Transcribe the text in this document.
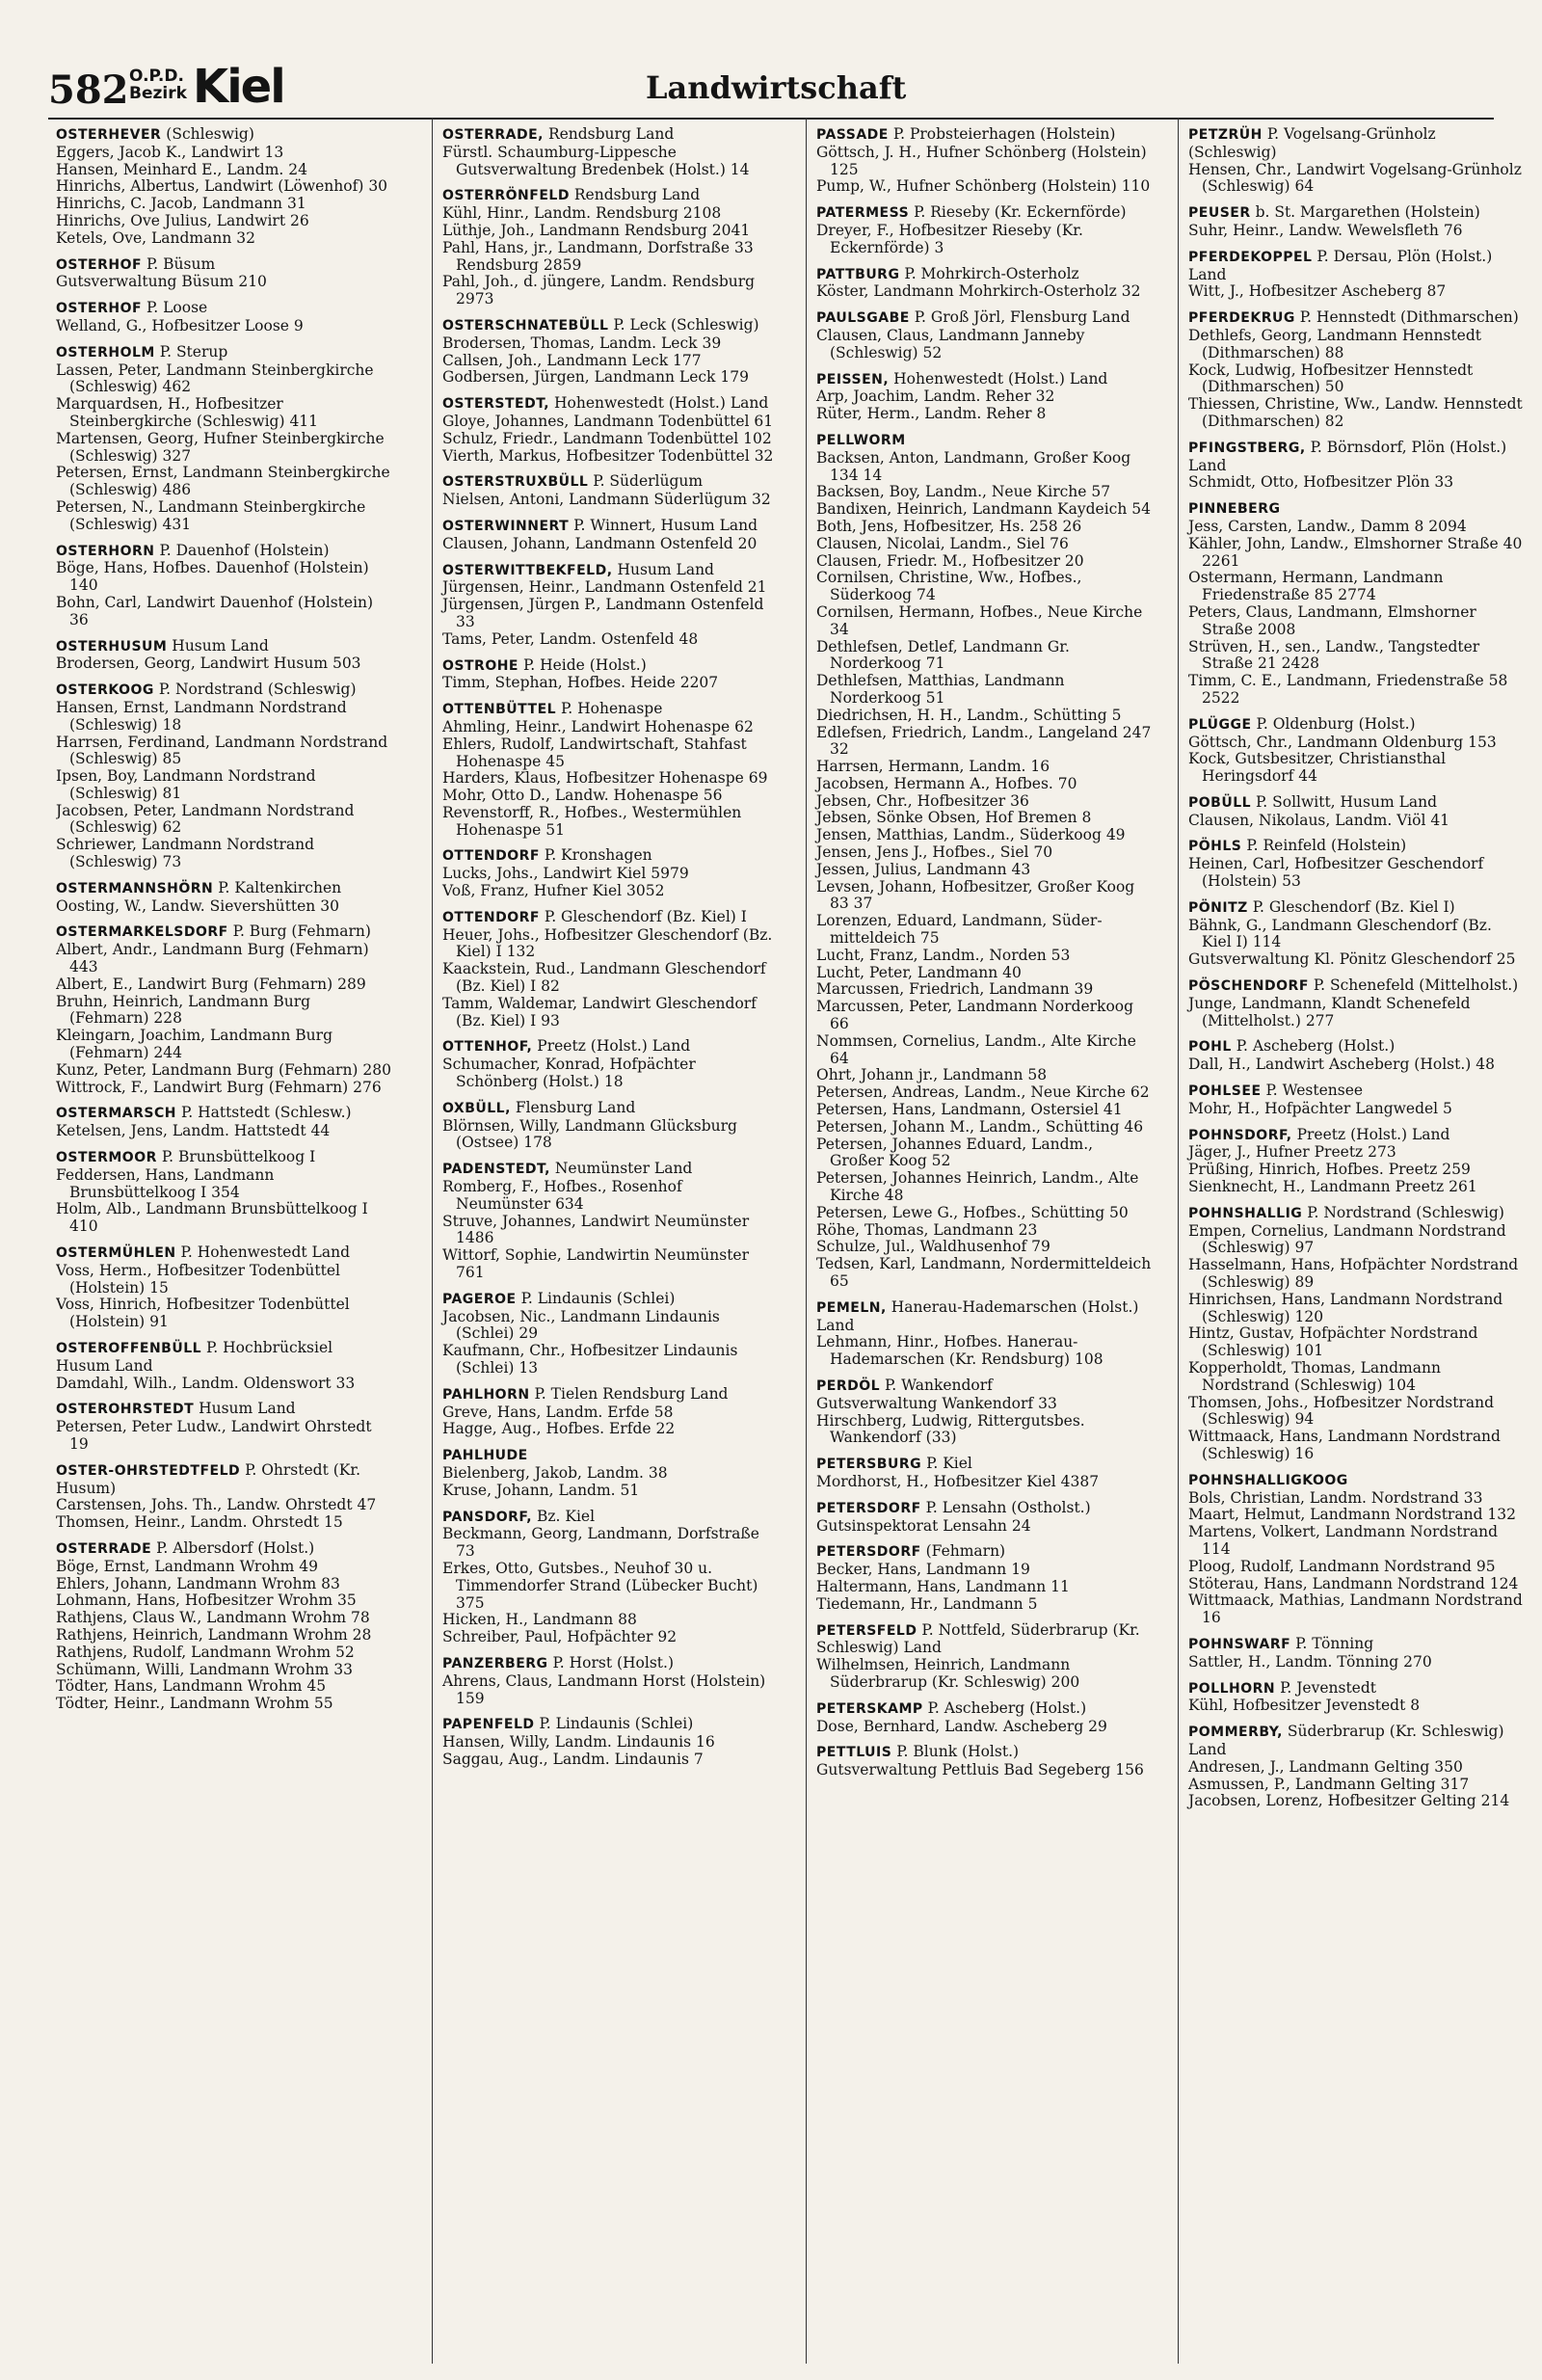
582 O.P.D.
Bezirk Kiel	Landwirtschaft
OSTERHEVER (Schleswig)
Eggers, Jacob K., Landwirt 13
Hansen, Meinhard E., Landm. 24
Hinrichs, Albertus, Landwirt (Löwenhof) 30
Hinrichs, C. Jacob, Landmann 31
Hinrichs, Ove Julius, Landwirt 26
Ketels, Ove, Landmann 32
OSTERHOF P. Büsum
Gutsverwaltung Büsum 210
OSTERHOF P. Loose
Welland, G., Hofbesitzer Loose 9
OSTERHOLM P. Sterup
Lassen, Peter, Landmann Steinbergkirche (Schleswig) 462
Marquardsen, H., Hofbesitzer Steinbergkirche (Schleswig) 411
Martensen, Georg, Hufner Steinbergkirche (Schleswig) 327
Petersen, Ernst, Landmann Steinbergkirche (Schleswig) 486
Petersen, N., Landmann Steinbergkirche (Schleswig) 431
OSTERHORN P. Dauenhof (Holstein)
Böge, Hans, Hofbes. Dauenhof (Holstein) 140
Bohn, Carl, Landwirt Dauenhof (Holstein) 36
OSTERHUSUM Husum Land
Brodersen, Georg, Landwirt Husum 503
OSTERKOOG P. Nordstrand (Schleswig)
Hansen, Ernst, Landmann Nordstrand (Schleswig) 18
Harrsen, Ferdinand, Landmann Nordstrand (Schleswig) 85
Ipsen, Boy, Landmann Nordstrand (Schleswig) 81
Jacobsen, Peter, Landmann Nordstrand (Schleswig) 62
Schriewer, Landmann Nordstrand (Schleswig) 73
OSTERMANNSHÖRN P. Kaltenkirchen
Oosting, W., Landw. Sievershütten 30
OSTERMARKELSDORF P. Burg (Fehmarn)
Albert, Andr., Landmann Burg (Fehmarn) 443
Albert, E., Landwirt Burg (Fehmarn) 289
Bruhn, Heinrich, Landmann Burg (Fehmarn) 228
Kleingarn, Joachim, Landmann Burg (Fehmarn) 244
Kunz, Peter, Landmann Burg (Fehmarn) 280
Wittrock, F., Landwirt Burg (Fehmarn) 276
OSTERMARSCH P. Hattstedt (Schlesw.)
Ketelsen, Jens, Landm. Hattstedt 44
OSTERMOOR P. Brunsbüttelkoog I
Feddersen, Hans, Landmann Brunsbüttelkoog I 354
Holm, Alb., Landmann Brunsbüttelkoog I 410
OSTERMÜHLEN P. Hohenwestedt Land
Voss, Herm., Hofbesitzer Todenbüttel (Holstein) 15
Voss, Hinrich, Hofbesitzer Todenbüttel (Holstein) 91
OSTEROFFENBÜLL P. Hochbrücksiel Husum Land
Damdahl, Wilh., Landm. Oldenswort 33
OSTEROHRSTEDT Husum Land
Petersen, Peter Ludw., Landwirt Ohrstedt 19
OSTER-OHRSTEDTFELD P. Ohrstedt (Kr. Husum)
Carstensen, Johs. Th., Landw. Ohrstedt 47
Thomsen, Heinr., Landm. Ohrstedt 15
OSTERRADE P. Albersdorf (Holst.)
Böge, Ernst, Landmann Wrohm 49
Ehlers, Johann, Landmann Wrohm 83
Lohmann, Hans, Hofbesitzer Wrohm 35
Rathjens, Claus W., Landmann Wrohm 78
Rathjens, Heinrich, Landmann Wrohm 28
Rathjens, Rudolf, Landmann Wrohm 52
Schümann, Willi, Landmann Wrohm 33
Tödter, Hans, Landmann Wrohm 45
Tödter, Heinr., Landmann Wrohm 55
OSTERRADE, Rendsburg Land
Fürstl. Schaumburg-Lippesche Gutsverwaltung Bredenbek (Holst.) 14
OSTERRÖNFELD Rendsburg Land
Kühl, Hinr., Landm. Rendsburg 2108
Lüthje, Joh., Landmann Rendsburg 2041
Pahl, Hans, jr., Landmann, Dorfstraße 33 Rendsburg 2859
Pahl, Joh., d. jüngere, Landm. Rendsburg 2973
OSTERSCHNATEBÜLL P. Leck (Schleswig)
Brodersen, Thomas, Landm. Leck 39
Callsen, Joh., Landmann Leck 177
Godbersen, Jürgen, Landmann Leck 179
OSTERSTEDT, Hohenwestedt (Holst.) Land
Gloye, Johannes, Landmann Todenbüttel 61
Schulz, Friedr., Landmann Todenbüttel 102
Vierth, Markus, Hofbesitzer Todenbüttel 32
OSTERSTRUXBÜLL P. Süderlügum
Nielsen, Antoni, Landmann Süderlügum 32
OSTERWINNERT P. Winnert, Husum Land
Clausen, Johann, Landmann Ostenfeld 20
OSTERWITTBEKFELD, Husum Land
Jürgensen, Heinr., Landmann Ostenfeld 21
Jürgensen, Jürgen P., Landmann Ostenfeld 33
Tams, Peter, Landm. Ostenfeld 48
OSTROHE P. Heide (Holst.)
Timm, Stephan, Hofbes. Heide 2207
OTTENBÜTTEL P. Hohenaspe
Ahmling, Heinr., Landwirt Hohenaspe 62
Ehlers, Rudolf, Landwirtschaft, Stahfast Hohenaspe 45
Harders, Klaus, Hofbesitzer Hohenaspe 69
Mohr, Otto D., Landw. Hohenaspe 56
Revenstorff, R., Hofbes., Westermühlen Hohenaspe 51
OTTENDORF P. Kronshagen
Lucks, Johs., Landwirt Kiel 5979
Voß, Franz, Hufner Kiel 3052
OTTENDORF P. Gleschendorf (Bz. Kiel) I
Heuer, Johs., Hofbesitzer Gleschendorf (Bz. Kiel) I 132
Kaackstein, Rud., Landmann Gleschendorf (Bz. Kiel) I 82
Tamm, Waldemar, Landwirt Gleschendorf (Bz. Kiel) I 93
OTTENHOF, Preetz (Holst.) Land
Schumacher, Konrad, Hofpächter Schönberg (Holst.) 18
OXBÜLL, Flensburg Land
Blörnsen, Willy, Landmann Glücksburg (Ostsee) 178
PADENSTEDT, Neumünster Land
Romberg, F., Hofbes., Rosenhof Neumünster 634
Struve, Johannes, Landwirt Neumünster 1486
Wittorf, Sophie, Landwirtin Neumünster 761
PAGEROE P. Lindaunis (Schlei)
Jacobsen, Nic., Landmann Lindaunis (Schlei) 29
Kaufmann, Chr., Hofbesitzer Lindaunis (Schlei) 13
PAHLHORN P. Tielen Rendsburg Land
Greve, Hans, Landm. Erfde 58
Hagge, Aug., Hofbes. Erfde 22
PAHLHUDE
Bielenberg, Jakob, Landm. 38
Kruse, Johann, Landm. 51
PANSDORF, Bz. Kiel
Beckmann, Georg, Landmann, Dorfstraße 73
Erkes, Otto, Gutsbes., Neuhof 30 u. Timmendorfer Strand (Lübecker Bucht) 375
Hicken, H., Landmann 88
Schreiber, Paul, Hofpächter 92
PANZERBERG P. Horst (Holst.)
Ahrens, Claus, Landmann Horst (Holstein) 159
PAPENFELD P. Lindaunis (Schlei)
Hansen, Willy, Landm. Lindaunis 16
Saggau, Aug., Landm. Lindaunis 7
PASSADE P. Probsteierhagen (Holstein)
Göttsch, J. H., Hufner Schönberg (Holstein) 125
Pump, W., Hufner Schönberg (Holstein) 110
PATERMESS P. Rieseby (Kr. Eckernförde)
Dreyer, F., Hofbesitzer Rieseby (Kr. Eckernförde) 3
PATTBURG P. Mohrkirch-Osterholz
Köster, Landmann Mohrkirch-Osterholz 32
PAULSGABE P. Groß Jörl, Flensburg Land
Clausen, Claus, Landmann Janneby (Schleswig) 52
PEISSEN, Hohenwestedt (Holst.) Land
Arp, Joachim, Landm. Reher 32
Rüter, Herm., Landm. Reher 8
PELLWORM
Backsen, Anton, Landmann, Großer Koog 134 14
Backsen, Boy, Landm., Neue Kirche 57
Bandixen, Heinrich, Landmann Kaydeich 54
Both, Jens, Hofbesitzer, Hs. 258 26
Clausen, Nicolai, Landm., Siel 76
Clausen, Friedr. M., Hofbesitzer 20
Cornilsen, Christine, Ww., Hofbes., Süderkoog 74
Cornilsen, Hermann, Hofbes., Neue Kirche 34
Dethlefsen, Detlef, Landmann Gr. Norderkoog 71
Dethlefsen, Matthias, Landmann Norderkoog 51
Diedrichsen, H. H., Landm., Schütting 5
Edlefsen, Friedrich, Landm., Langeland 247 32
Harrsen, Hermann, Landm. 16
Jacobsen, Hermann A., Hofbes. 70
Jebsen, Chr., Hofbesitzer 36
Jebsen, Sönke Obsen, Hof Bremen 8
Jensen, Matthias, Landm., Süderkoog 49
Jensen, Jens J., Hofbes., Siel 70
Jessen, Julius, Landmann 43
Levsen, Johann, Hofbesitzer, Großer Koog 83 37
Lorenzen, Eduard, Landmann, Süder-mitteldeich 75
Lucht, Franz, Landm., Norden 53
Lucht, Peter, Landmann 40
Marcussen, Friedrich, Landmann 39
Marcussen, Peter, Landmann Norderkoog 66
Nommsen, Cornelius, Landm., Alte Kirche 64
Ohrt, Johann jr., Landmann 58
Petersen, Andreas, Landm., Neue Kirche 62
Petersen, Hans, Landmann, Ostersiel 41
Petersen, Johann M., Landm., Schütting 46
Petersen, Johannes Eduard, Landm., Großer Koog 52
Petersen, Johannes Heinrich, Landm., Alte Kirche 48
Petersen, Lewe G., Hofbes., Schütting 50
Röhe, Thomas, Landmann 23
Schulze, Jul., Waldhusenhof 79
Tedsen, Karl, Landmann, Nordermitteldeich 65
PEMELN, Hanerau-Hademarschen (Holst.) Land
Lehmann, Hinr., Hofbes. Hanerau-Hademarschen (Kr. Rendsburg) 108
PERDÖL P. Wankendorf
Gutsverwaltung Wankendorf 33
Hirschberg, Ludwig, Rittergutsbes. Wankendorf (33)
PETERSBURG P. Kiel
Mordhorst, H., Hofbesitzer Kiel 4387
PETERSDORF P. Lensahn (Ostholst.)
Gutsinspektorat Lensahn 24
PETERSDORF (Fehmarn)
Becker, Hans, Landmann 19
Haltermann, Hans, Landmann 11
Tiedemann, Hr., Landmann 5
PETERSFELD P. Nottfeld, Süderbrarup (Kr. Schleswig) Land
Wilhelmsen, Heinrich, Landmann Süderbrarup (Kr. Schleswig) 200
PETERSKAMP P. Ascheberg (Holst.)
Dose, Bernhard, Landw. Ascheberg 29
PETTLUIS P. Blunk (Holst.)
Gutsverwaltung Pettluis Bad Segeberg 156
PETZRÜH P. Vogelsang-Grünholz (Schleswig)
Hensen, Chr., Landwirt Vogelsang-Grünholz (Schleswig) 64
PEUSER b. St. Margarethen (Holstein)
Suhr, Heinr., Landw. Wewelsfleth 76
PFERDEKOPPEL P. Dersau, Plön (Holst.) Land
Witt, J., Hofbesitzer Ascheberg 87
PFERDEKRUG P. Hennstedt (Dithmarschen)
Dethlefs, Georg, Landmann Hennstedt (Dithmarschen) 88
Kock, Ludwig, Hofbesitzer Hennstedt (Dithmarschen) 50
Thiessen, Christine, Ww., Landw. Hennstedt (Dithmarschen) 82
PFINGSTBERG, P. Börnsdorf, Plön (Holst.) Land
Schmidt, Otto, Hofbesitzer Plön 33
PINNEBERG
Jess, Carsten, Landw., Damm 8 2094
Kähler, John, Landw., Elmshorner Straße 40 2261
Ostermann, Hermann, Landmann Friedenstraße 85 2774
Peters, Claus, Landmann, Elmshorner Straße 2008
Strüven, H., sen., Landw., Tangstedter Straße 21 2428
Timm, C. E., Landmann, Friedenstraße 58 2522
PLÜGGE P. Oldenburg (Holst.)
Göttsch, Chr., Landmann Oldenburg 153
Kock, Gutsbesitzer, Christiansthal Heringsdorf 44
POBÜLL P. Sollwitt, Husum Land
Clausen, Nikolaus, Landm. Viöl 41
PÖHLS P. Reinfeld (Holstein)
Heinen, Carl, Hofbesitzer Geschendorf (Holstein) 53
PÖNITZ P. Gleschendorf (Bz. Kiel I)
Bähnk, G., Landmann Gleschendorf (Bz. Kiel I) 114
Gutsverwaltung Kl. Pönitz Gleschendorf 25
PÖSCHENDORF P. Schenefeld (Mittelholst.)
Junge, Landmann, Klandt Schenefeld (Mittelholst.) 277
POHL P. Ascheberg (Holst.)
Dall, H., Landwirt Ascheberg (Holst.) 48
POHLSEE P. Westensee
Mohr, H., Hofpächter Langwedel 5
POHNSDORF, Preetz (Holst.) Land
Jäger, J., Hufner Preetz 273
Prüßing, Hinrich, Hofbes. Preetz 259
Sienknecht, H., Landmann Preetz 261
POHNSHALLIG P. Nordstrand (Schleswig)
Empen, Cornelius, Landmann Nordstrand (Schleswig) 97
Hasselmann, Hans, Hofpächter Nordstrand (Schleswig) 89
Hinrichsen, Hans, Landmann Nordstrand (Schleswig) 120
Hintz, Gustav, Hofpächter Nordstrand (Schleswig) 101
Kopperholdt, Thomas, Landmann Nordstrand (Schleswig) 104
Thomsen, Johs., Hofbesitzer Nordstrand (Schleswig) 94
Wittmaack, Hans, Landmann Nordstrand (Schleswig) 16
POHNSHALLIGKOOG
Bols, Christian, Landm. Nordstrand 33
Maart, Helmut, Landmann Nordstrand 132
Martens, Volkert, Landmann Nordstrand 114
Ploog, Rudolf, Landmann Nordstrand 95
Stöterau, Hans, Landmann Nordstrand 124
Wittmaack, Mathias, Landmann Nordstrand 16
POHNSWARF P. Tönning
Sattler, H., Landm. Tönning 270
POLLHORN P. Jevenstedt
Kühl, Hofbesitzer Jevenstedt 8
POMMERBY, Süderbrarup (Kr. Schleswig) Land
Andresen, J., Landmann Gelting 350
Asmussen, P., Landmann Gelting 317
Jacobsen, Lorenz, Hofbesitzer Gelting 214
